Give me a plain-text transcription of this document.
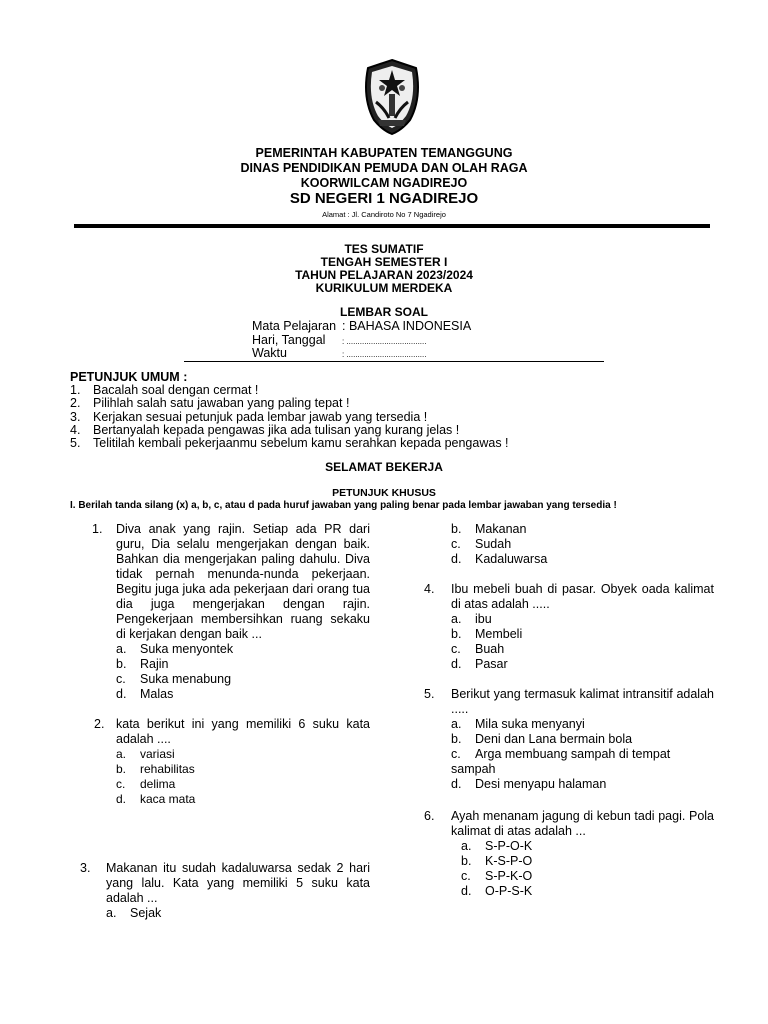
PEMERINTAH KABUPATEN TEMANGGUNG
DINAS PENDIDIKAN PEMUDA DAN OLAH RAGA
KOORWILCAM NGADIREJO
SD NEGERI 1 NGADIREJO
Alamat : Jl. Candiroto No 7 Ngadirejo
TES SUMATIF
TENGAH SEMESTER I
TAHUN PELAJARAN 2023/2024
KURIKULUM MERDEKA
LEMBAR SOAL
Mata Pelajaran : BAHASA INDONESIA
Hari, Tanggal : ....................................
Waktu	: ....................................
PETUNJUK UMUM :
1. Bacalah soal dengan cermat !
2. Pilihlah salah satu jawaban yang paling tepat !
3. Kerjakan sesuai petunjuk pada lembar jawab yang tersedia !
4. Bertanyalah kepada pengawas jika ada tulisan yang kurang jelas !
5. Telitilah kembali pekerjaanmu sebelum kamu serahkan kepada pengawas !
SELAMAT BEKERJA
PETUNJUK KHUSUS
I. Berilah tanda silang (x) a, b, c, atau d pada huruf jawaban yang paling benar pada lembar jawaban yang tersedia !
1. Diva anak yang rajin. Setiap ada PR dari guru, Dia selalu mengerjakan dengan baik. Bahkan dia mengerjakan paling dahulu. Diva tidak pernah menunda-nunda pekerjaan. Begitu juga juka ada pekerjaan dari orang tua dia juga mengerjakan dengan rajin. Pengekerjaan membersihkan ruang sekaku di kerjakan dengan baik ...
a. Suka menyontek
b. Rajin
c. Suka menabung
d. Malas
2. kata berikut ini yang memiliki 6 suku kata adalah ....
a. variasi
b. rehabilitas
c. delima
d. kaca mata
3. Makanan itu sudah kadaluwarsa sedak 2 hari yang lalu. Kata yang memiliki 5 suku kata adalah ...
a. Sejak
b. Makanan
c. Sudah
d. Kadaluwarsa
4. Ibu mebeli buah di pasar. Obyek oada kalimat di atas adalah .....
a. ibu
b. Membeli
c. Buah
d. Pasar
5. Berikut yang termasuk kalimat intransitif adalah .....
a. Mila suka menyanyi
b. Deni dan Lana bermain bola
c. Arga membuang sampah di tempat sampah
d. Desi menyapu halaman
6. Ayah menanam jagung di kebun tadi pagi. Pola kalimat di atas adalah ...
a. S-P-O-K
b. K-S-P-O
c. S-P-K-O
d. O-P-S-K
